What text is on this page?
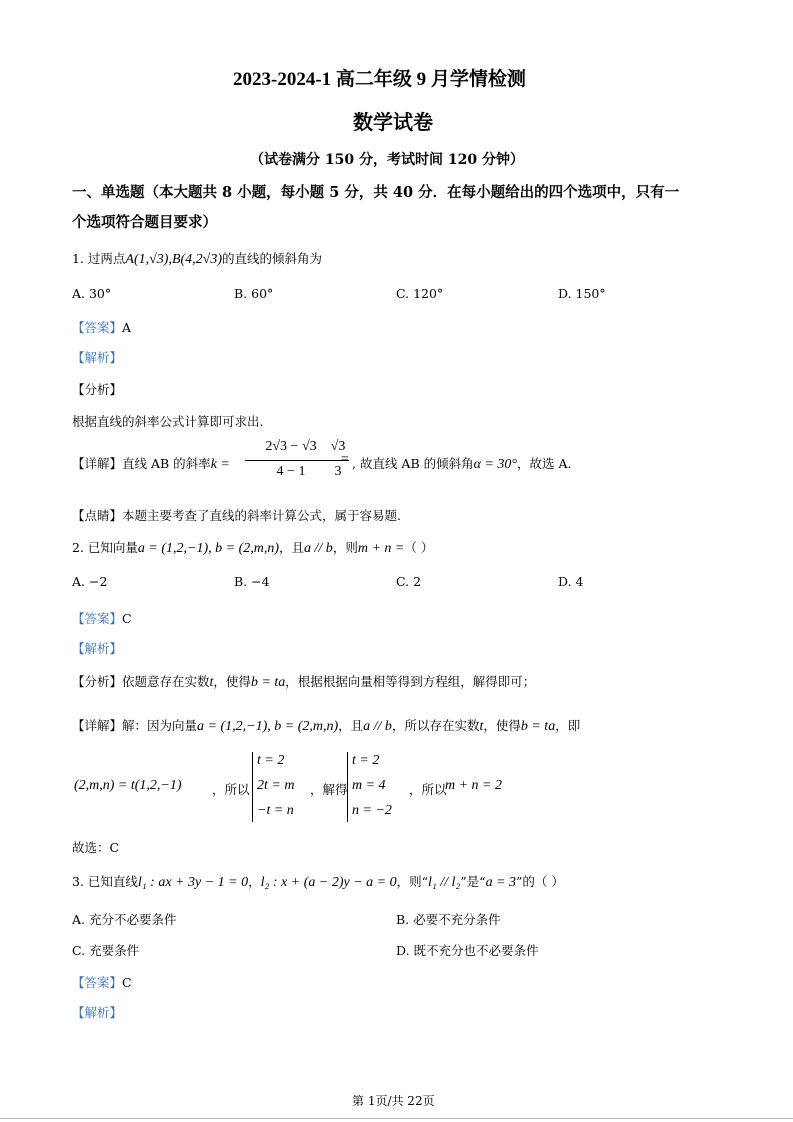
2023-2024-1 高二年级 9 月学情检测
数学试卷
（试卷满分 150 分，考试时间 120 分钟）
一、单选题（本大题共 8 小题，每小题 5 分，共 40 分．在每小题给出的四个选项中，只有一
个选项符合题目要求）
1. 过两点A(1,√3),B(4,2√3)的直线的倾斜角为
A. 30°	B. 60°	C. 120°	D. 150°
【答案】A
【解析】
【分析】
根据直线的斜率公式计算即可求出.
【详解】直线 AB 的斜率k =
2√3 − √3
4 − 1
√3
3
, 故直线 AB 的倾斜角α = 30°，故选 A.
【点睛】本题主要考查了直线的斜率计算公式，属于容易题.
2. 已知向量a = (1,2,−1), b = (2,m,n)，且a // b，则m + n =（ ）
A. −2	B. −4	C. 2	D. 4
【答案】C
【解析】
【分析】依题意存在实数t，使得b = ta，根据根据向量相等得到方程组，解得即可；
【详解】解：因为向量a = (1,2,−1), b = (2,m,n)，且a // b，所以存在实数t，使得b = ta，即
(2,m,n) = t(1,2,−1) ，所以
t = 2
2t = m
−t = n
，解得
t = 2
m = 4
n = −2
，所以
m + n = 2
故选：C
3. 已知直线l₁ : ax + 3y − 1 = 0，l₂ : x + (a − 2)y − a = 0，则“l₁ // l₂”是“a = 3”的（ ）
A. 充分不必要条件	B. 必要不充分条件
C. 充要条件	D. 既不充分也不必要条件
【答案】C
【解析】
第 1页/共 22页
